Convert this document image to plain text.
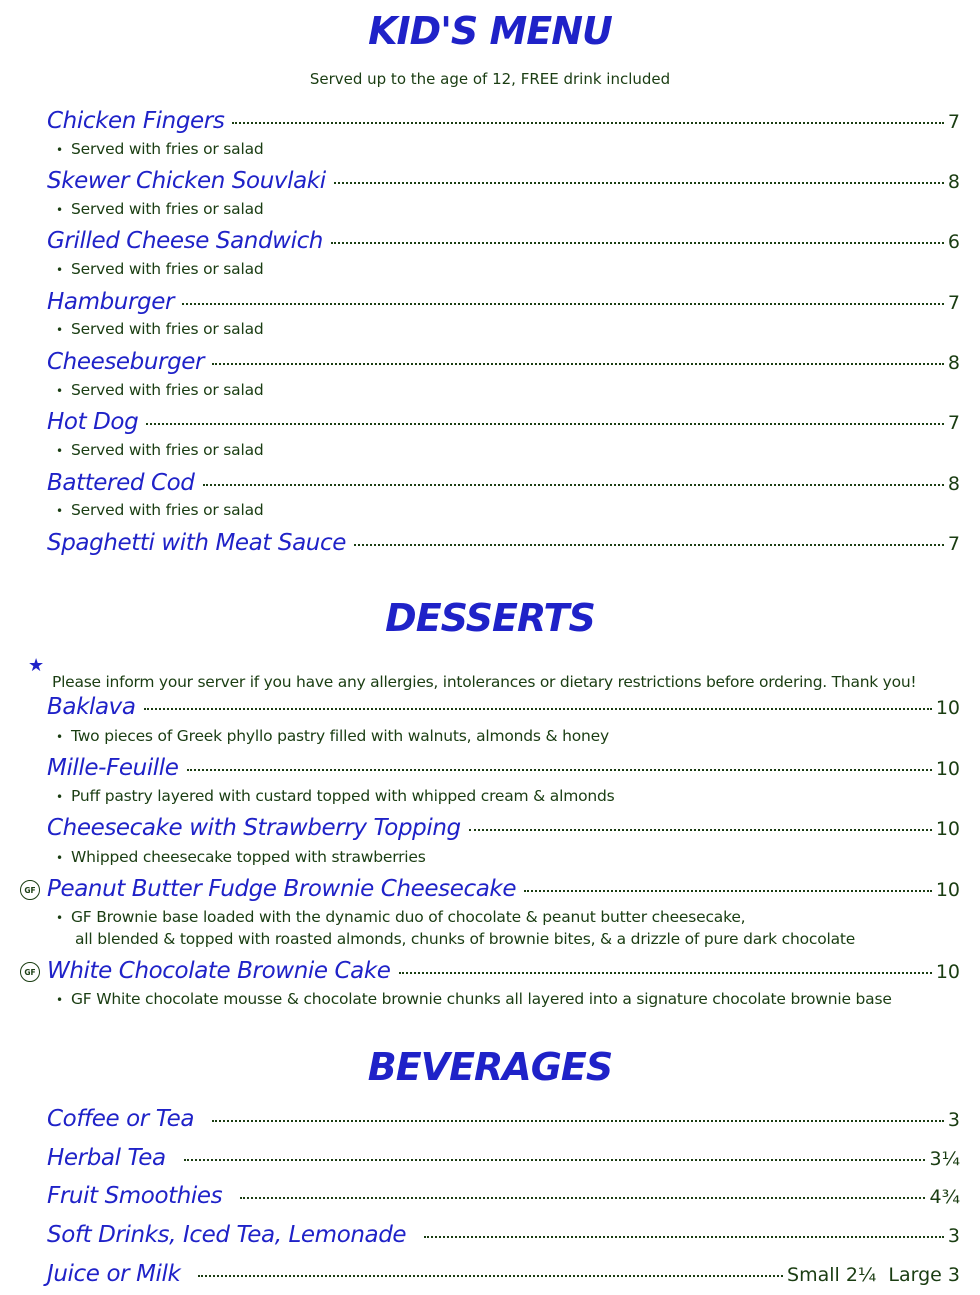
KID'S MENU

Served up to the age of 12, FREE drink included

Chicken Fingers	7
• Served with fries or salad
Skewer Chicken Souvlaki	8
• Served with fries or salad
Grilled Cheese Sandwich	6
• Served with fries or salad
Hamburger	7
• Served with fries or salad
Cheeseburger	8
• Served with fries or salad
Hot Dog	7
• Served with fries or salad
Battered Cod	8
• Served with fries or salad
Spaghetti with Meat Sauce	7
DESSERTS
★

Please inform your server if you have any allergies, intolerances or dietary restrictions before ordering. Thank you!

Baklava	10
• Two pieces of Greek phyllo pastry filled with walnuts, almonds & honey
Mille-Feuille	10
• Puff pastry layered with custard topped with whipped cream & almonds
Cheesecake with Strawberry Topping	10
• Whipped cheesecake topped with strawberries
GF Peanut Butter Fudge Brownie Cheesecake	10
• GF Brownie base loaded with the dynamic duo of chocolate & peanut butter cheesecake,
all blended & topped with roasted almonds, chunks of brownie bites, & a drizzle of pure dark chocolate
GF White Chocolate Brownie Cake	10
• GF White chocolate mousse & chocolate brownie chunks all layered into a signature chocolate brownie base
BEVERAGES
Coffee or Tea	3
Herbal Tea	3¼
Fruit Smoothies	4¾
Soft Drinks, Iced Tea, Lemonade	3
Juice or Milk	Small 2¼  Large 3
